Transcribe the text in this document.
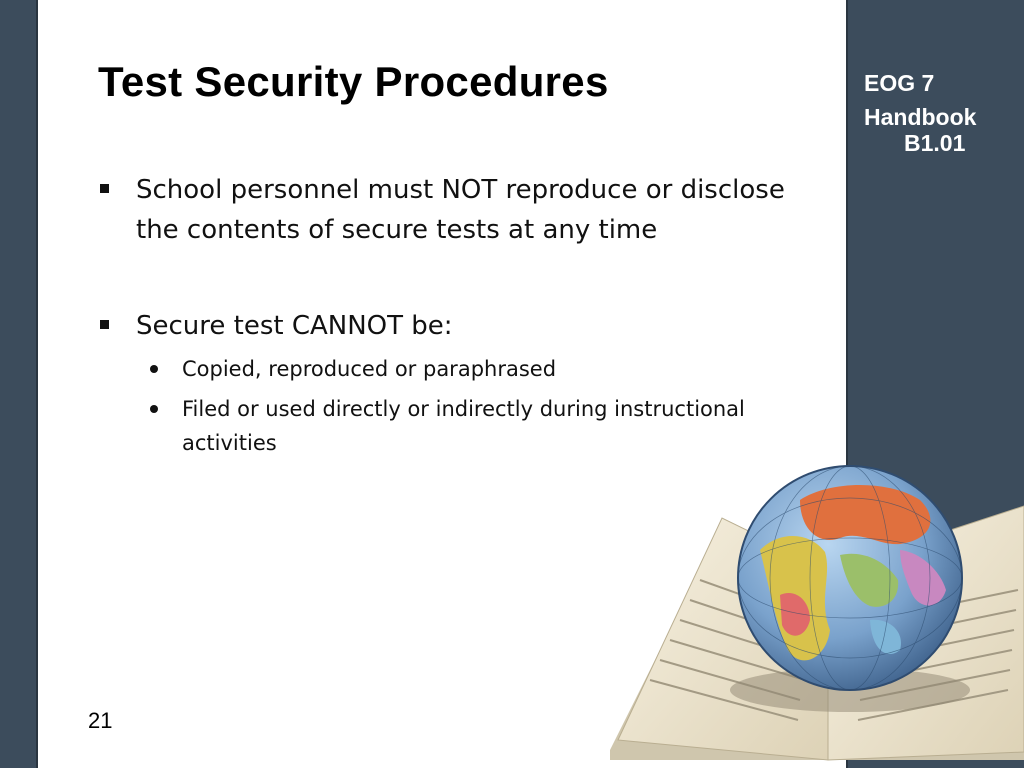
Test Security Procedures
School personnel must NOT reproduce or disclose the contents of secure tests at any time
Secure test CANNOT be:
Copied, reproduced or paraphrased
Filed or used directly or indirectly during instructional activities
21
EOG 7
Handbook
B1.01
